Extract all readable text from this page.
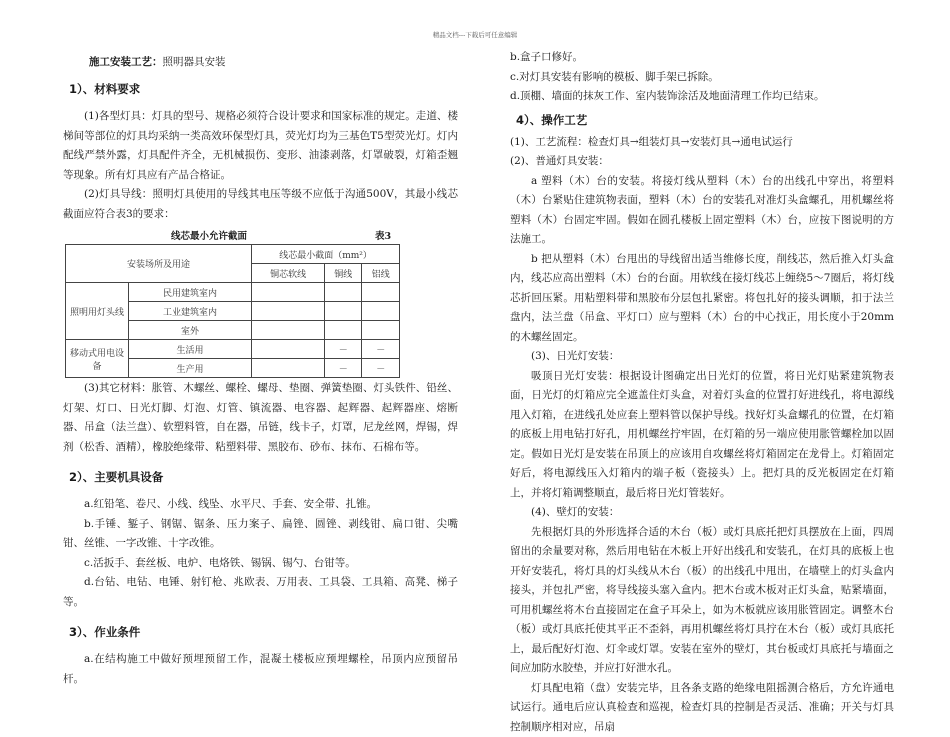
精品文档---下载后可任意编辑
施工安装工艺：照明器具安装
1）、材料要求

(1)各型灯具：灯具的型号、规格必须符合设计要求和国家标准的规定。走道、楼梯间等部位的灯具均采纳一类高效环保型灯具，荧光灯均为三基色T5型荧光灯。灯内配线严禁外露，灯具配件齐全，无机械损伤、变形、油漆剥落，灯罩破裂，灯箱歪翘等现象。所有灯具应有产品合格证。

(2)灯具导线：照明灯具使用的导线其电压等级不应低于沟通500V，其最小线芯截面应符合表3的要求：

线芯最小允许截面	表3
安装场所及用途		线芯最小截面（mm²）		
		铜芯软线	铜线	铝线
照明用灯头线	民用建筑室内			
	工业建筑室内			
	室外			
移动式用电设备	生活用		－	－
	生产用		－	－

(3)其它材料：胀管、木螺丝、螺栓、螺母、垫圈、弹簧垫圈、灯头铁件、铅丝、灯架、灯口、日光灯脚、灯泡、灯管、镇流器、电容器、起辉器、起辉器座、熔断器、吊盒（法兰盘）、软塑料管，自在器，吊链，线卡子，灯罩，尼龙丝网，焊锡，焊剂（松香、酒精），橡胶绝缘带、粘塑料带、黑胶布、砂布、抹布、石棉布等。

2）、主要机具设备

a.红铅笔、卷尺、小线、线坠、水平尺、手套、安全带、扎锥。

b.手锤、錾子、钢锯、锯条、压力案子、扁锉、圆锉、剥线钳、扁口钳、尖嘴钳、丝锥、一字改锥、十字改锥。

c.活扳手、套丝板、电炉、电烙铁、锡锅、锡勺、台钳等。

d.台钻、电钻、电锤、射钉枪、兆欧表、万用表、工具袋、工具箱、高凳、梯子等。

3）、作业条件

a.在结构施工中做好预埋预留工作，混凝土楼板应预埋螺栓，吊顶内应预留吊杆。

b.盒子口修好。

c.对灯具安装有影响的模板、脚手架已拆除。

d.顶棚、墙面的抹灰工作、室内装饰涂活及地面清理工作均已结束。

4）、操作工艺

(1)、工艺流程：检查灯具→组装灯具→安装灯具→通电试运行

(2)、普通灯具安装：

a 塑料（木）台的安装。将接灯线从塑料（木）台的出线孔中穿出，将塑料（木）台紧贴住建筑物表面，塑料（木）台的安装孔对准灯头盒螺孔，用机螺丝将塑料（木）台固定牢固。假如在圆孔楼板上固定塑料（木）台，应按下图说明的方法施工。

b 把从塑料（木）台甩出的导线留出适当维修长度，削线芯，然后推入灯头盒内，线芯应高出塑料（木）台的台面。用软线在接灯线芯上缠绕5～7圈后，将灯线芯折回压紧。用粘塑料带和黑胶布分层包扎紧密。将包扎好的接头调顺，扣于法兰盘内，法兰盘（吊盒、平灯口）应与塑料（木）台的中心找正，用长度小于20mm的木螺丝固定。

(3)、日光灯安装：

吸顶日光灯安装：根据设计图确定出日光灯的位置，将日光灯贴紧建筑物表面，日光灯的灯箱应完全遮盖住灯头盒，对着灯头盒的位置打好进线孔，将电源线甩入灯箱，在进线孔处应套上塑料管以保护导线。找好灯头盒螺孔的位置，在灯箱的底板上用电钻打好孔，用机螺丝拧牢固，在灯箱的另一端应使用胀管螺栓加以固定。假如日光灯是安装在吊顶上的应该用自攻螺丝将灯箱固定在龙骨上。灯箱固定好后，将电源线压入灯箱内的端子板（瓷接头）上。把灯具的反光板固定在灯箱上，并将灯箱调整顺直，最后将日光灯管装好。

(4)、壁灯的安装：

先根据灯具的外形选择合适的木台（板）或灯具底托把灯具摆放在上面，四周留出的余量要对称，然后用电钻在木板上开好出线孔和安装孔，在灯具的底板上也开好安装孔，将灯具的灯头线从木台（板）的出线孔中甩出，在墙壁上的灯头盒内接头，并包扎严密，将导线接头塞入盒内。把木台或木板对正灯头盒，贴紧墙面，可用机螺丝将木台直接固定在盒子耳朵上，如为木板就应该用胀管固定。调整木台（板）或灯具底托使其平正不歪斜，再用机螺丝将灯具拧在木台（板）或灯具底托上，最后配好灯泡、灯伞或灯罩。安装在室外的壁灯，其台板或灯具底托与墙面之间应加防水胶垫，并应打好泄水孔。

灯具配电箱（盘）安装完毕，且各条支路的绝缘电阻摇测合格后，方允许通电试运行。通电后应认真检查和巡视，检查灯具的控制是否灵活、准确；开关与灯具控制顺序相对应，吊扇
